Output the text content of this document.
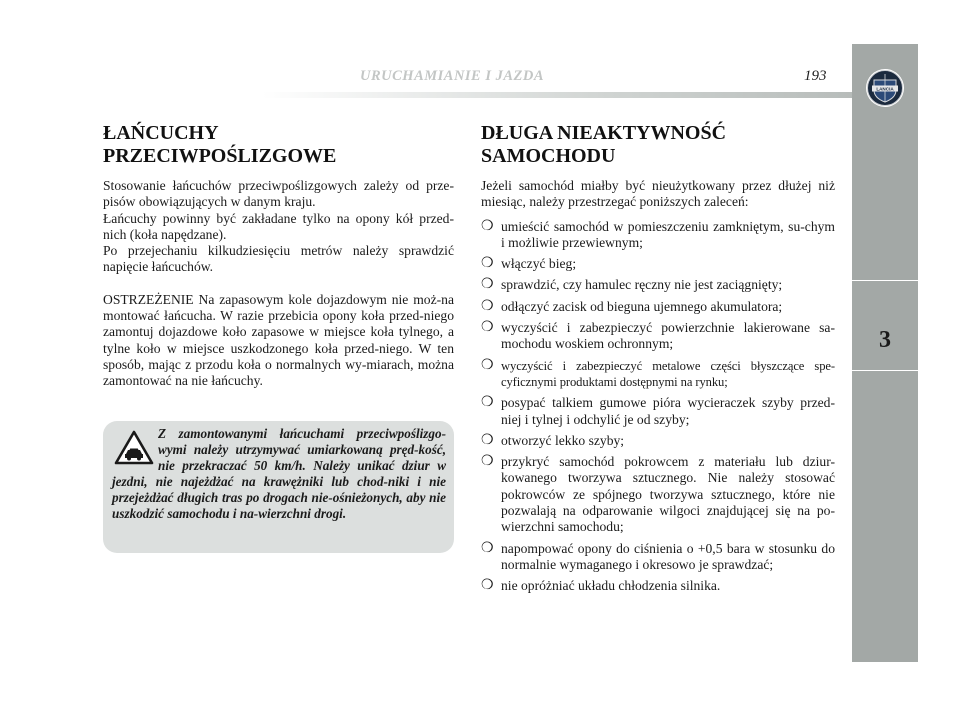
URUCHAMIANIE I JAZDA	193
LANCIA
3
ŁAŃCUCHY
PRZECIWPOŚLIZGOWE

Stosowanie łańcuchów przeciwpoślizgowych zależy od prze-pisów obowiązujących w danym kraju.

Łańcuchy powinny być zakładane tylko na opony kół przed-nich (koła napędzane).

Po przejechaniu kilkudziesięciu metrów należy sprawdzić napięcie łańcuchów.

OSTRZEŻENIE Na zapasowym kole dojazdowym nie moż-na montować łańcucha. W razie przebicia opony koła przed-niego zamontuj dojazdowe koło zapasowe w miejsce koła tylnego, a tylne koło w miejsce uszkodzonego koła przed-niego. W ten sposób, mając z przodu koła o normalnych wy-miarach, można zamontować na nie łańcuchy.

Z zamontowanymi łańcuchami przeciwpoślizgo-wymi należy utrzymywać umiarkowaną pręd-kość, nie przekraczać 50 km/h. Należy unikać dziur w jezdni, nie najeżdżać na krawężniki lub chod-niki i nie przejeżdżać długich tras po drogach nie-ośnieżonych, aby nie uszkodzić samochodu i na-wierzchni drogi.
DŁUGA NIEAKTYWNOŚĆ
SAMOCHODU

Jeżeli samochód miałby być nieużytkowany przez dłużej niż miesiąc, należy przestrzegać poniższych zaleceń:

❍ umieścić samochód w pomieszczeniu zamkniętym, su-chym i możliwie przewiewnym;
❍ włączyć bieg;
❍ sprawdzić, czy hamulec ręczny nie jest zaciągnięty;
❍ odłączyć zacisk od bieguna ujemnego akumulatora;
❍ wyczyścić i zabezpieczyć powierzchnie lakierowane sa-mochodu woskiem ochronnym;
❍ wyczyścić i zabezpieczyć metalowe części błyszczące spe-cyficznymi produktami dostępnymi na rynku;
❍ posypać talkiem gumowe pióra wycieraczek szyby przed-niej i tylnej i odchylić je od szyby;
❍ otworzyć lekko szyby;
❍ przykryć samochód pokrowcem z materiału lub dziur-kowanego tworzywa sztucznego. Nie należy stosować pokrowców ze spójnego tworzywa sztucznego, które nie pozwalają na odparowanie wilgoci znajdującej się na po-wierzchni samochodu;
❍ napompować opony do ciśnienia o +0,5 bara w stosunku do normalnie wymaganego i okresowo je sprawdzać;
❍ nie opróżniać układu chłodzenia silnika.
